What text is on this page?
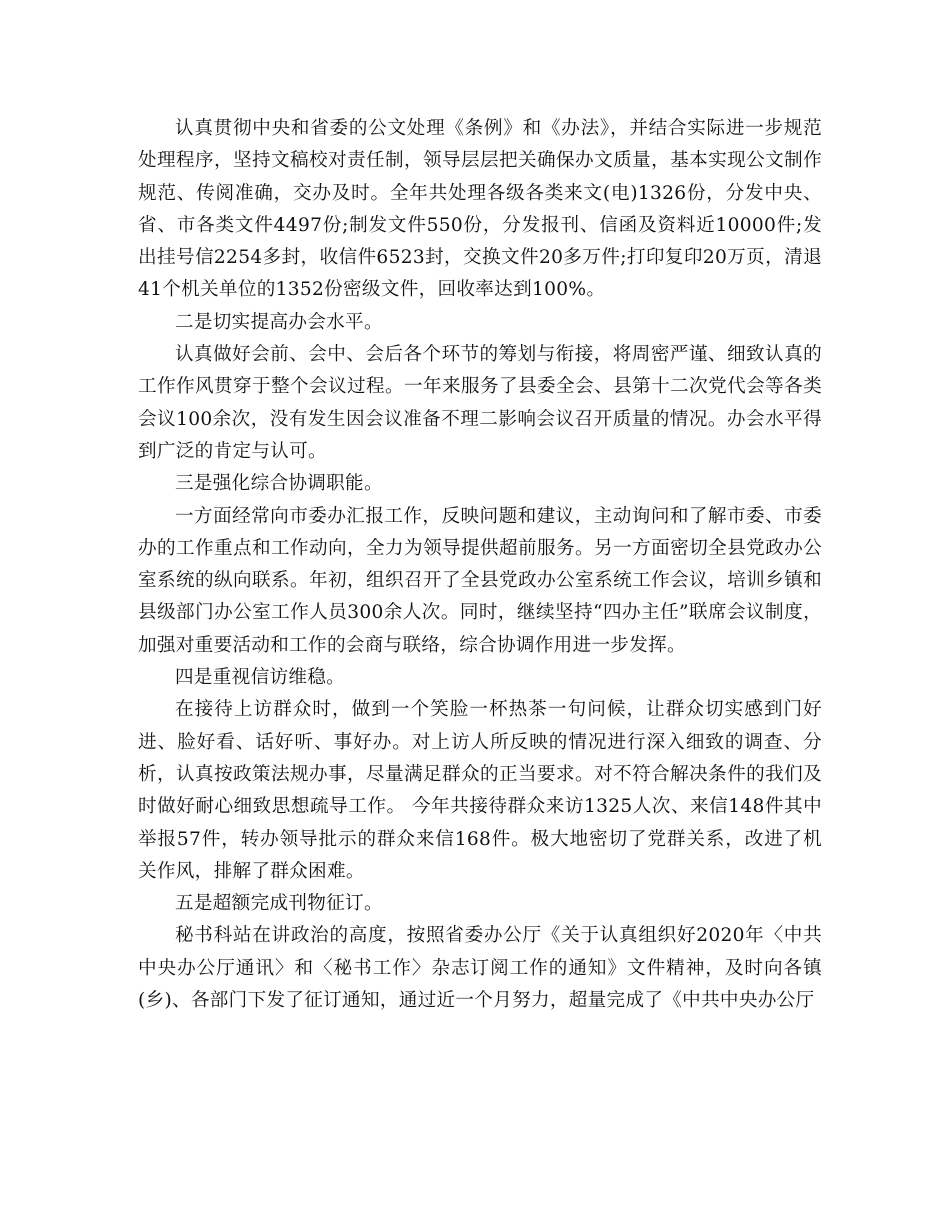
认真贯彻中央和省委的公文处理《条例》和《办法》，并结合实际进一步规范处理程序，坚持文稿校对责任制，领导层层把关确保办文质量，基本实现公文制作规范、传阅准确，交办及时。全年共处理各级各类来文(电)1326份，分发中央、省、市各类文件4497份;制发文件550份，分发报刊、信函及资料近10000件;发出挂号信2254多封，收信件6523封，交换文件20多万件;打印复印20万页，清退41个机关单位的1352份密级文件，回收率达到100%。

二是切实提高办会水平。

认真做好会前、会中、会后各个环节的筹划与衔接，将周密严谨、细致认真的工作作风贯穿于整个会议过程。一年来服务了县委全会、县第十二次党代会等各类会议100余次，没有发生因会议准备不理二影响会议召开质量的情况。办会水平得到广泛的肯定与认可。

三是强化综合协调职能。

一方面经常向市委办汇报工作，反映问题和建议，主动询问和了解市委、市委办的工作重点和工作动向，全力为领导提供超前服务。另一方面密切全县党政办公室系统的纵向联系。年初，组织召开了全县党政办公室系统工作会议，培训乡镇和县级部门办公室工作人员300余人次。同时，继续坚持“四办主任”联席会议制度，加强对重要活动和工作的会商与联络，综合协调作用进一步发挥。

四是重视信访维稳。

在接待上访群众时，做到一个笑脸一杯热茶一句问候，让群众切实感到门好进、脸好看、话好听、事好办。对上访人所反映的情况进行深入细致的调查、分析，认真按政策法规办事，尽量满足群众的正当要求。对不符合解决条件的我们及时做好耐心细致思想疏导工作。 今年共接待群众来访1325人次、来信148件其中举报57件，转办领导批示的群众来信168件。极大地密切了党群关系，改进了机关作风，排解了群众困难。

五是超额完成刊物征订。

秘书科站在讲政治的高度，按照省委办公厅《关于认真组织好2020年〈中共中央办公厅通讯〉和〈秘书工作〉杂志订阅工作的通知》文件精神，及时向各镇(乡)、各部门下发了征订通知，通过近一个月努力，超量完成了《中共中央办公厅
